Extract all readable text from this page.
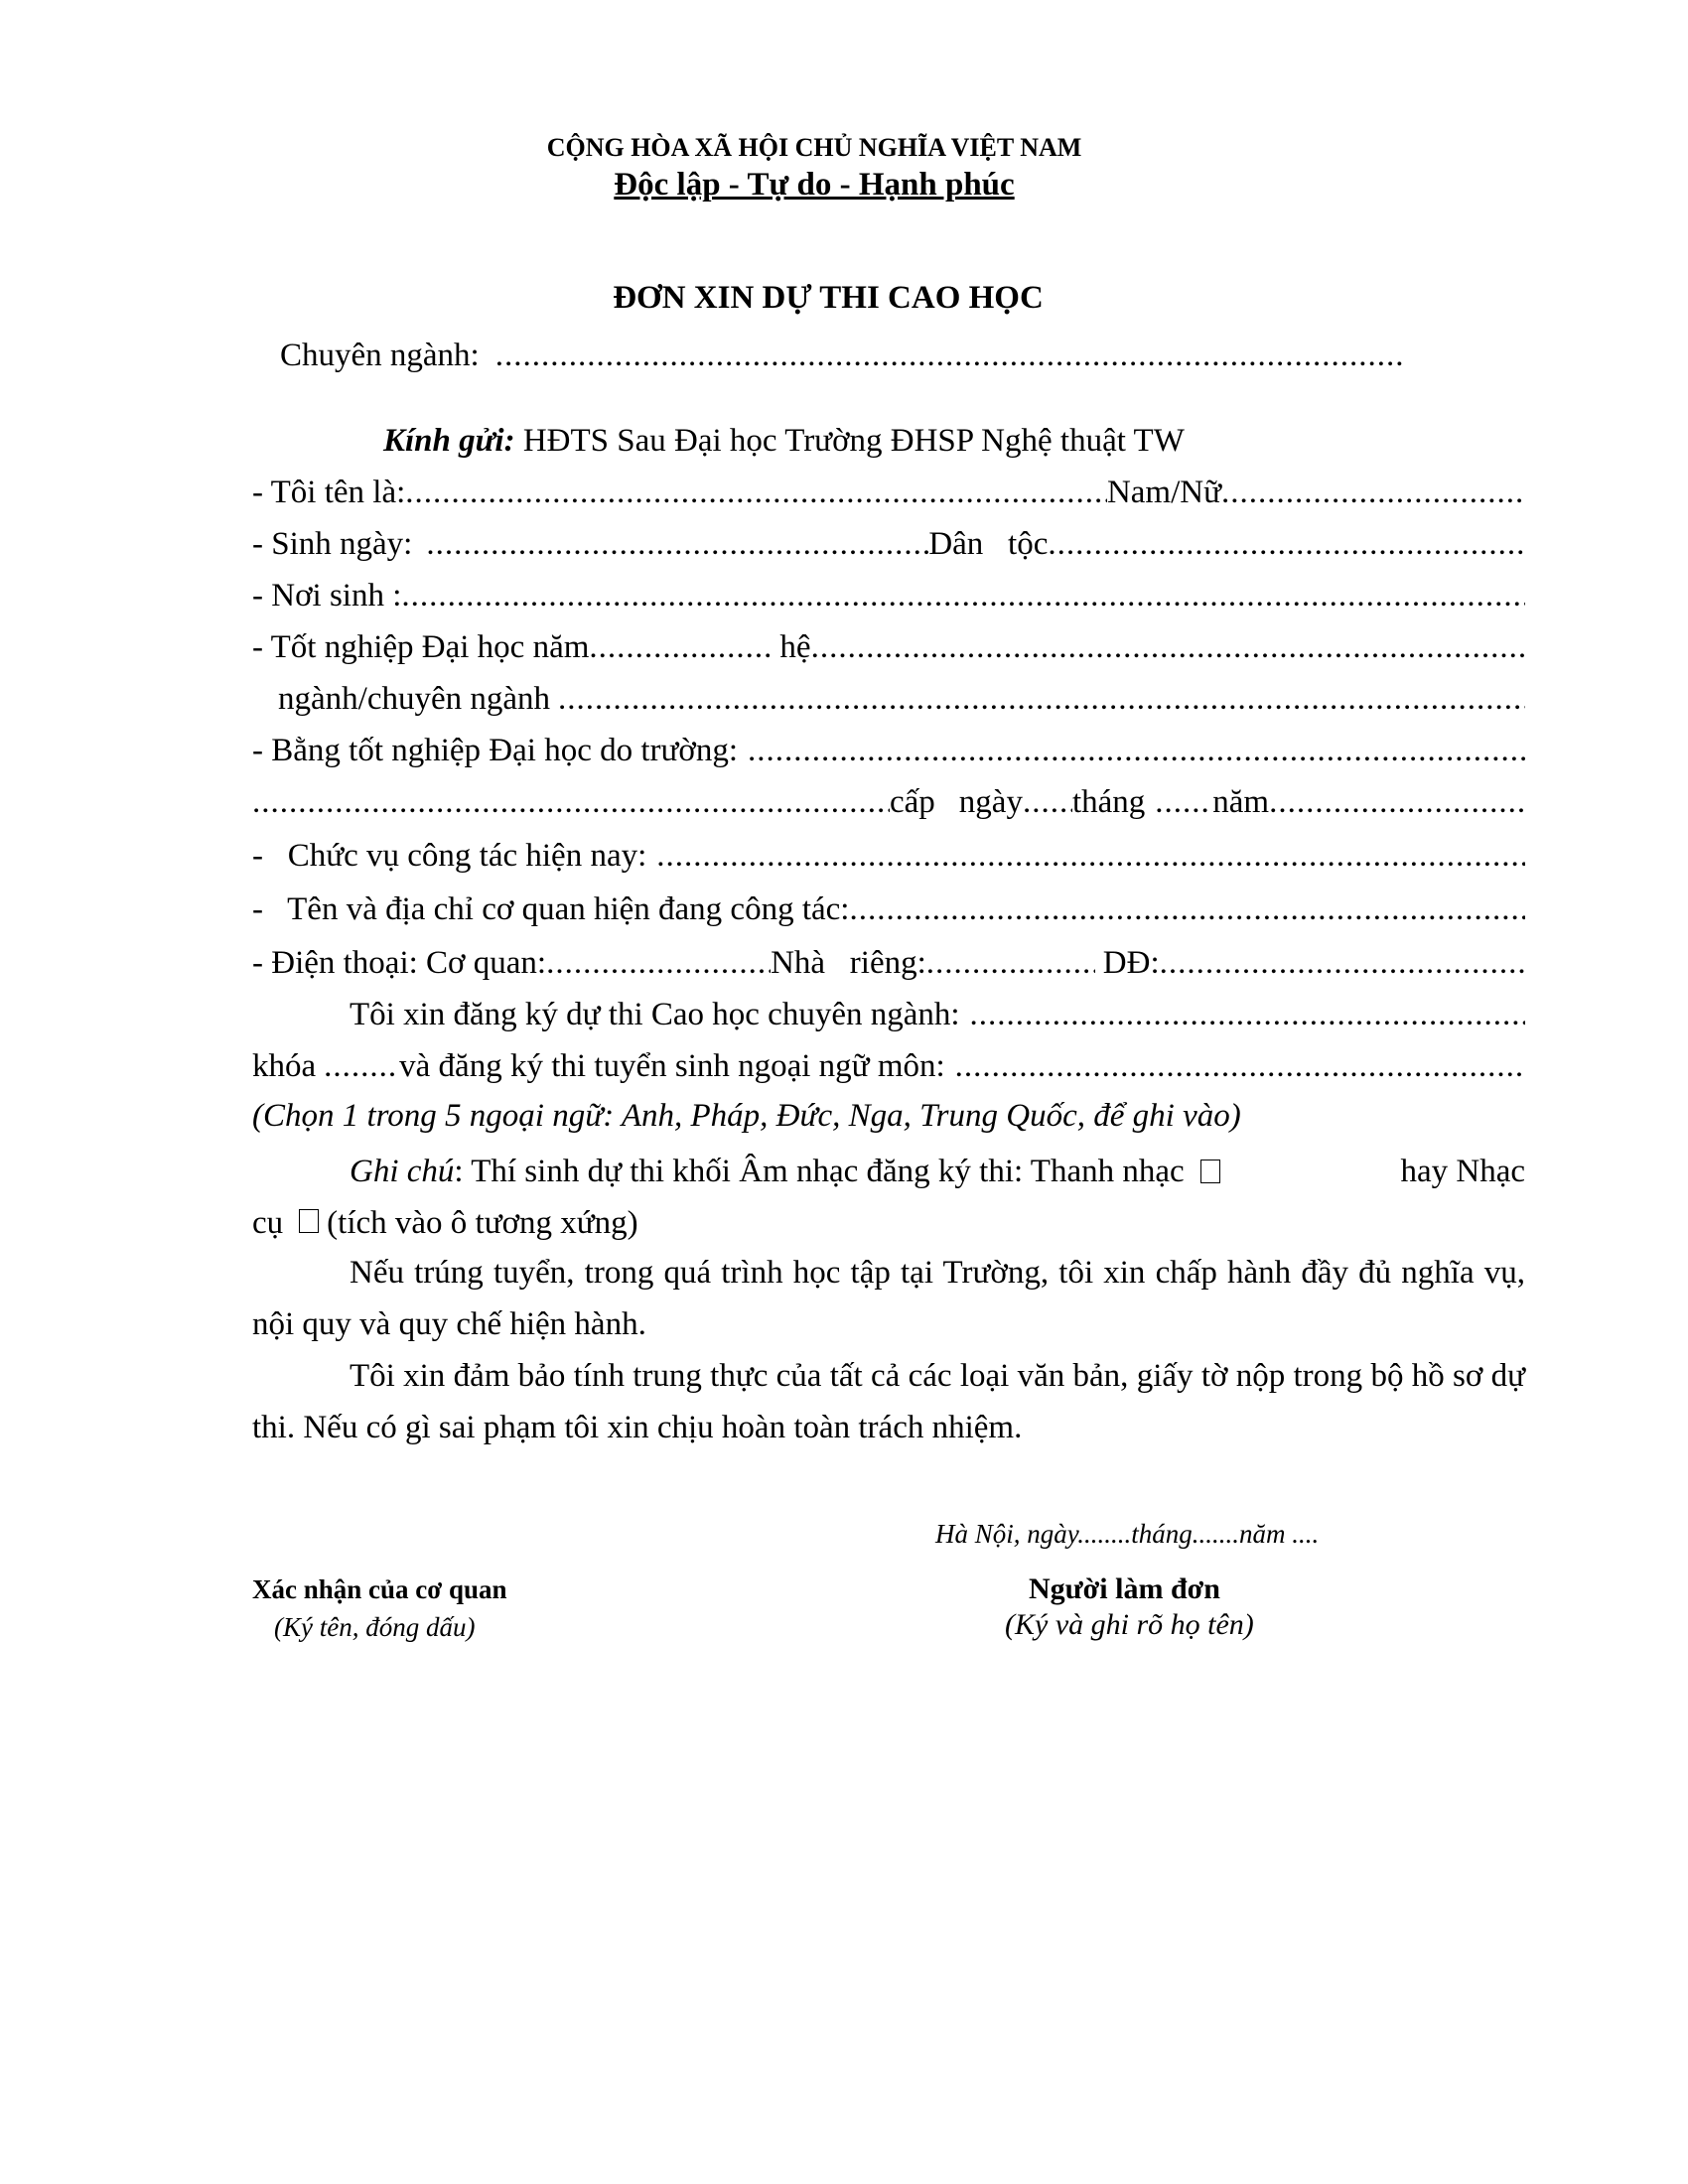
CỘNG HÒA XÃ HỘI CHỦ NGHĨA VIỆT NAM
Độc lập - Tự do - Hạnh phúc
ĐƠN XIN DỰ THI CAO HỌC
Chuyên ngành:
.....
Kính gửi: HĐTS Sau Đại học Trường ĐHSP Nghệ thuật TW
- Tôi tên là: .....	Nam/Nữ
.....
- Sinh ngày: .....	Dân   tộc
.....
- Nơi sinh :
.....
- Tốt nghiệp Đại học năm .....	hệ
.....
ngành/chuyên ngành
.....
- Bằng tốt nghiệp Đại học do trường:
.....
.....
cấp ngày ..... tháng ..... năm
.....
-   Chức vụ công tác hiện nay:
.....
-   Tên và địa chỉ cơ quan hiện đang công tác:
.....
- Điện thoại: Cơ quan: .....	Nhà   riêng: .....	DĐ:
.....
Tôi xin đăng ký dự thi Cao học chuyên ngành:
.....
khóa .....	và đăng ký thi tuyển sinh ngoại ngữ môn:
.....
(Chọn 1 trong 5 ngoại ngữ: Anh, Pháp, Đức, Nga, Trung Quốc, để ghi vào)
Ghi chú: Thí sinh dự thi khối Âm nhạc đăng ký thi: Thanh nhạc	hay Nhạc
cụ (tích vào ô tương xứng)
Nếu trúng tuyển, trong quá trình học tập tại Trường, tôi xin chấp hành đầy đủ nghĩa vụ, nội quy và quy chế hiện hành.
Tôi xin đảm bảo tính trung thực của tất cả các loại văn bản, giấy tờ nộp trong bộ hồ sơ dự thi. Nếu có gì sai phạm tôi xin chịu hoàn toàn trách nhiệm.
Hà Nội, ngày........tháng.......năm ....
Xác nhận của cơ quan
(Ký tên, đóng dấu)
Người làm đơn
(Ký và ghi rõ họ tên)
